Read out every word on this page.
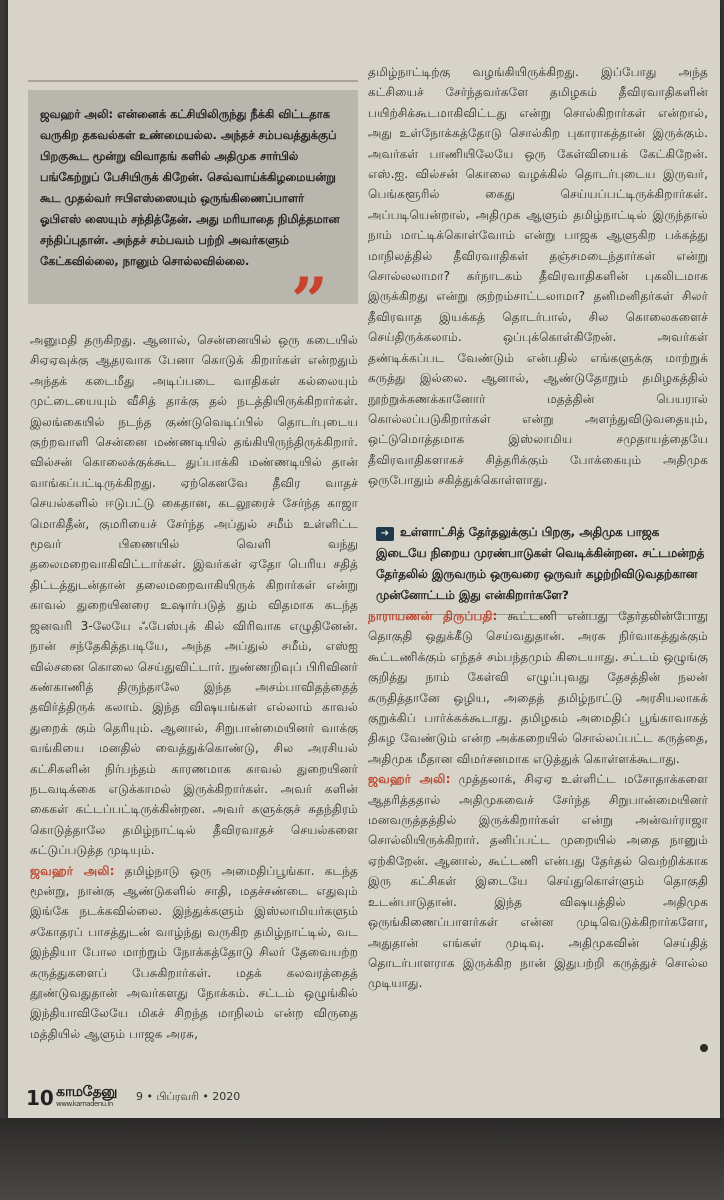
ஜவஹர் அலி: என்னைக் கட்சியிலிருந்து நீக்கி விட்டதாக வருகிற தகவல்கள் உண்மையல்ல. அந்தச் சம்பவத்துக்குப் பிறகுகூட மூன்று விவாதங் களில் அதிமுக சார்பில் பங்கேற்றுப் பேசியிருக் கிறேன். செவ்வாய்க்கிழமையன்று கூட முதல்வர் ஈபிஎஸ்ஸையும் ஒருங்கிணைப்பாளர் ஓபிஎஸ் ஸையும் சந்தித்தேன். அது மரியாதை நிமித்தமான சந்திப்புதான். அந்தச் சம்பவம் பற்றி அவர்களும் கேட்கவில்லை, நானும் சொல்லவில்லை.

”

அனுமதி தருகிறது. ஆனால், சென்னையில் ஒரு கடையில் சிஏஏவுக்கு ஆதரவாக பேனா கொடுக் கிறார்கள் என்றதும் அந்தக் கடைமீது அடிப்படை வாதிகள் கல்லையும் முட்டையையும் வீசித் தாக்கு தல் நடத்தியிருக்கிறார்கள். இலங்கையில் நடந்த குண்டுவெடிப்பில் தொடர்புடைய குற்றவாளி சென்னை மண்ணடியில் தங்கியிருந்திருக்கிறார். வில்சன் கொலைக்குக்கூட துப்பாக்கி மண்ணடியில் தான் வாங்கப்பட்டிருக்கிறது. ஏற்கெனவே தீவிர வாதச் செயல்களில் ஈடுபட்டு கைதான, கடலூரைச் சேர்ந்த காஜா மொகிதீன், குமரியைச் சேர்ந்த அப்துல் சமீம் உள்ளிட்ட மூவர் பிணையில் வெளி வந்து தலைமறைவாகிவிட்டார்கள். இவர்கள் ஏதோ பெரிய சதித் திட்டத்துடன்தான் தலைமறைவாகியிருக் கிறார்கள் என்று காவல் துறையினரை உஷார்படுத் தும் விதமாக கடந்த ஜனவரி 3-லேயே ஃபேஸ்புக் கில் விரிவாக எழுதினேன். நான் சந்தேகித்தபடியே, அந்த அப்துல் சமீம், எஸ்ஐ வில்சனை கொலை செய்துவிட்டார். நுண்ணறிவுப் பிரிவினர் கண்காணித் திருந்தாலே இந்த அசம்பாவிதத்தைத் தவிர்த்திருக் கலாம். இந்த விஷயங்கள் எல்லாம் காவல் துறைக் கும் தெரியும். ஆனால், சிறுபான்மையினர் வாக்கு வங்கியை மனதில் வைத்துக்கொண்டு, சில அரசியல் கட்சிகளின் நிர்பந்தம் காரணமாக காவல் துறையினர் நடவடிக்கை எடுக்காமல் இருக்கிறார்கள். அவர் களின் கைகள் கட்டப்பட்டிருக்கின்றன. அவர் களுக்குச் சுதந்திரம் கொடுத்தாலே தமிழ்நாட்டில் தீவிரவாதச் செயல்களை கட்டுப்படுத்த முடியும்.

ஜவஹர் அலி: தமிழ்நாடு ஒரு அமைதிப்பூங்கா. கடந்த மூன்று, நான்கு ஆண்டுகளில் சாதி, மதச்சண்டை எதுவும் இங்கே நடக்கவில்லை. இந்துக்களும் இஸ்லாமியர்களும் சகோதரப் பாசத்துடன் வாழ்ந்து வருகிற தமிழ்நாட்டில், வட இந்தியா போல மாற்றும் நோக்கத்தோடு சிலர் தேவையற்ற கருத்துகளைப் பேசுகிறார்கள். மதக் கலவரத்தைத் தூண்டுவதுதான் அவர்களது நோக்கம். சட்டம் ஒழுங்கில் இந்தியாவிலேயே மிகச் சிறந்த மாநிலம் என்ற விருதை மத்தியில் ஆளும் பாஜக அரசு,

தமிழ்நாட்டிற்கு வழங்கியிருக்கிறது. இப்போது அந்த கட்சியைச் சேர்ந்தவர்களே தமிழகம் தீவிரவாதிகளின் பயிற்சிக்கூடமாகிவிட்டது என்று சொல்கிறார்கள் என்றால், அது உள்நோக்கத்தோடு சொல்கிற புகாராகத்தான் இருக்கும். அவர்கள் பாணியிலேயே ஒரு கேள்வியைக் கேட்கிறேன். எஸ்.ஐ. வில்சன் கொலை வழக்கில் தொடர்புடைய இருவர், பெங்களூரில் கைது செய்யப்பட்டிருக்கிறார்கள். அப்படியென்றால், அதிமுக ஆளும் தமிழ்நாட்டில் இருந்தால் நாம் மாட்டிக்கொள்வோம் என்று பாஜக ஆளுகிற பக்கத்து மாநிலத்தில் தீவிரவாதிகள் தஞ்சமடைந்தார்கள் என்று சொல்லலாமா? கர்நாடகம் தீவிரவாதிகளின் புகலிடமாக இருக்கிறது என்று குற்றம்சாட்டலாமா? தனிமனிதர்கள் சிலர் தீவிரவாத இயக்கத் தொடர்பால், சில கொலைகளைச் செய்திருக்கலாம். ஒப்புக்கொள்கிறேன். அவர்கள் தண்டிக்கப்பட வேண்டும் என்பதில் எங்களுக்கு மாற்றுக் கருத்து இல்லை. ஆனால், ஆண்டுதோறும் தமிழகத்தில் நூற்றுக்கணக்கானோர் மதத்தின் பெயரால் கொல்லப்படுகிறார்கள் என்று அளந்துவிடுவதையும், ஒட்டுமொத்தமாக இஸ்லாமிய சமுதாயத்தையே தீவிரவாதிகளாகச் சித்தரிக்கும் போக்கையும் அதிமுக ஒருபோதும் சகித்துக்கொள்ளாது.

➜ உள்ளாட்சித் தேர்தலுக்குப் பிறகு, அதிமுக பாஜக இடையே நிறைய முரண்பாடுகள் வெடிக்கின்றன. சட்டமன்றத் தேர்தலில் இருவரும் ஒருவரை ஒருவர் கழற்றிவிடுவதற்கான முன்னோட்டம் இது என்கிறார்களே?

நாராயணன் திருப்பதி: கூட்டணி என்பது தேர்தலின்போது தொகுதி ஒதுக்கீடு செய்வதுதான். அரசு நிர்வாகத்துக்கும் கூட்டணிக்கும் எந்தச் சம்பந்தமும் கிடையாது. சட்டம் ஒழுங்கு குறித்து நாம் கேள்வி எழுப்புவது தேசத்தின் நலன் கருதித்தானே ஒழிய, அதைத் தமிழ்நாட்டு அரசியலாகக் குறுக்கிப் பார்க்கக்கூடாது. தமிழகம் அமைதிப் பூங்காவாகத் திகழ வேண்டும் என்ற அக்கறையில் சொல்லப்பட்ட கருத்தை, அதிமுக மீதான விமர்சனமாக எடுத்துக் கொள்ளக்கூடாது.

ஜவஹர் அலி: முத்தலாக், சிஏஏ உள்ளிட்ட மசோதாக்களை ஆதரித்ததால் அதிமுகவைச் சேர்ந்த சிறுபான்மையினர் மனவருத்தத்தில் இருக்கிறார்கள் என்று அன்வர்ராஜா சொல்லியிருக்கிறார். தனிப்பட்ட முறையில் அதை நானும் ஏற்கிறேன். ஆனால், கூட்டணி என்பது தேர்தல் வெற்றிக்காக இரு கட்சிகள் இடையே செய்துகொள்ளும் தொகுதி உடன்பாடுதான். இந்த விஷயத்தில் அதிமுக ஒருங்கிணைப்பாளர்கள் என்ன முடிவெடுக்கிறார்களோ, அதுதான் எங்கள் முடிவு. அதிமுகவின் செய்தித் தொடர்பாளராக இருக்கிற நான் இதுபற்றி கருத்துச் சொல்ல முடியாது.

10 காமதேனு
www.kamadenu.in
9 • பிப்ரவரி • 2020
